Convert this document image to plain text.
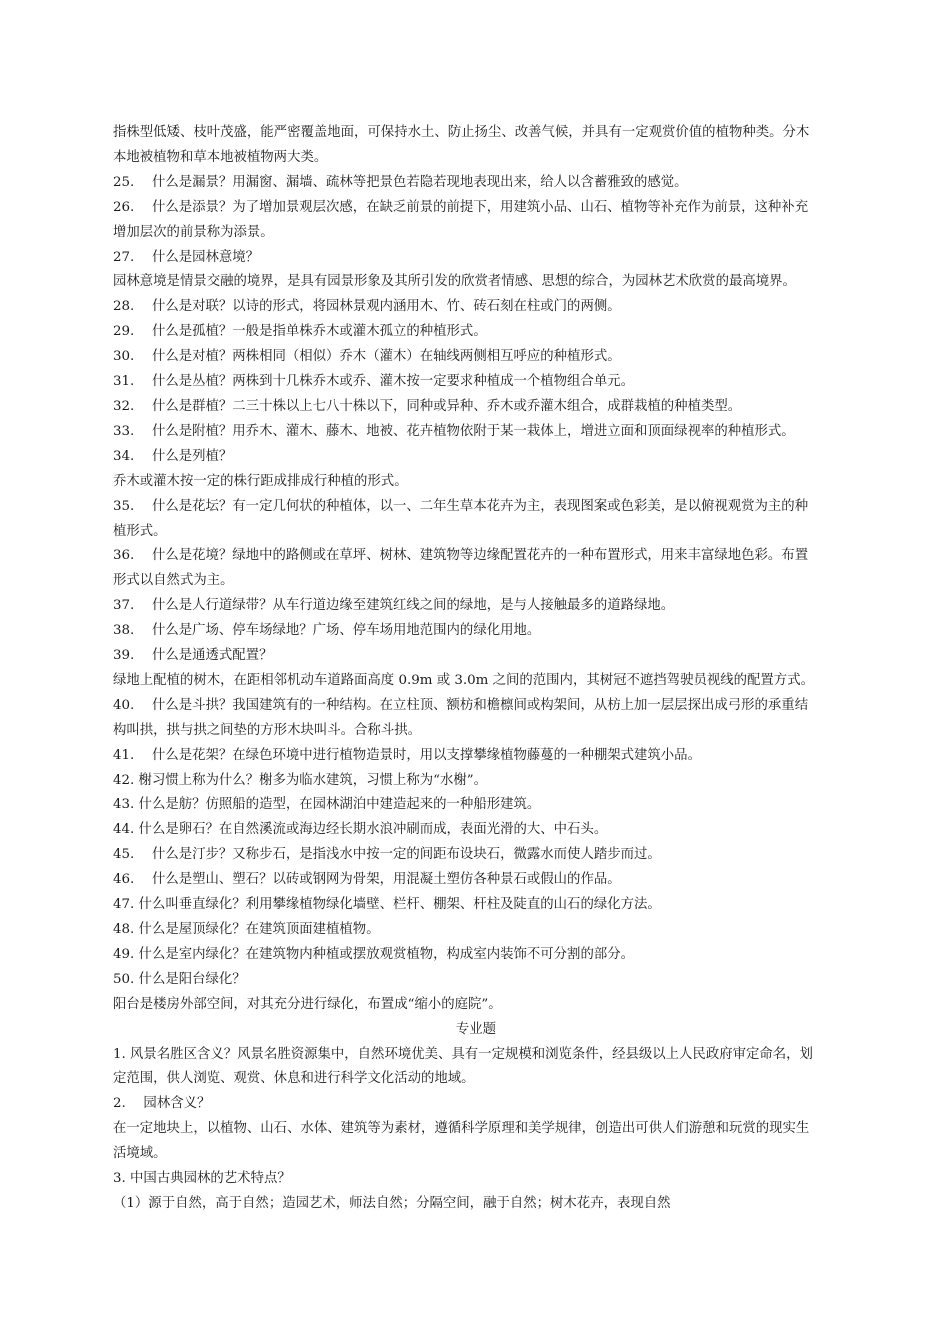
指株型低矮、枝叶茂盛，能严密覆盖地面，可保持水土、防止扬尘、改善气候，并具有一定观赏价值的植物种类。分木
本地被植物和草本地被植物两大类。
25.　 什么是漏景？用漏窗、漏墙、疏林等把景色若隐若现地表现出来，给人以含蓄雅致的感觉。
26.　 什么是添景？为了增加景观层次感，在缺乏前景的前提下，用建筑小品、山石、植物等补充作为前景，这种补充
增加层次的前景称为添景。
27.　 什么是园林意境？
园林意境是情景交融的境界，是具有园景形象及其所引发的欣赏者情感、思想的综合，为园林艺术欣赏的最高境界。
28.　 什么是对联？以诗的形式，将园林景观内涵用木、竹、砖石刻在柱或门的两侧。
29.　 什么是孤植？一般是指单株乔木或灌木孤立的种植形式。
30.　 什么是对植？两株相同（相似）乔木（灌木）在轴线两侧相互呼应的种植形式。
31.　 什么是丛植？两株到十几株乔木或乔、灌木按一定要求种植成一个植物组合单元。
32.　 什么是群植？二三十株以上七八十株以下，同种或异种、乔木或乔灌木组合，成群栽植的种植类型。
33.　 什么是附植？用乔木、灌木、藤木、地被、花卉植物依附于某一栽体上，增进立面和顶面绿视率的种植形式。
34.　 什么是列植？
乔木或灌木按一定的株行距成排成行种植的形式。
35.　 什么是花坛？有一定几何状的种植体，以一、二年生草本花卉为主，表现图案或色彩美，是以俯视观赏为主的种
植形式。
36.　 什么是花境？绿地中的路侧或在草坪、树林、建筑物等边缘配置花卉的一种布置形式，用来丰富绿地色彩。布置
形式以自然式为主。
37.　 什么是人行道绿带？从车行道边缘至建筑红线之间的绿地，是与人接触最多的道路绿地。
38.　 什么是广场、停车场绿地？广场、停车场用地范围内的绿化用地。
39.　 什么是通透式配置？
绿地上配植的树木，在距相邻机动车道路面高度 0.9m 或 3.0m 之间的范围内，其树冠不遮挡驾驶员视线的配置方式。
40.　 什么是斗拱？我国建筑有的一种结构。在立柱顶、额枋和檐檩间或构架间，从枋上加一层层探出成弓形的承重结
构叫拱，拱与拱之间垫的方形木块叫斗。合称斗拱。
41.　 什么是花架？在绿色环境中进行植物造景时，用以支撑攀缘植物藤蔓的一种棚架式建筑小品。
42. 榭习惯上称为什么？榭多为临水建筑，习惯上称为“水榭”。
43. 什么是舫？仿照船的造型，在园林湖泊中建造起来的一种船形建筑。
44. 什么是卵石？在自然溪流或海边经长期水浪冲刷而成，表面光滑的大、中石头。
45.　 什么是汀步？又称步石，是指浅水中按一定的间距布设块石，微露水而使人踏步而过。
46.　 什么是塑山、塑石？以砖或钢网为骨架，用混凝土塑仿各种景石或假山的作品。
47. 什么叫垂直绿化？利用攀缘植物绿化墙壁、栏杆、棚架、杆柱及陡直的山石的绿化方法。
48. 什么是屋顶绿化？在建筑顶面建植植物。
49. 什么是室内绿化？在建筑物内种植或摆放观赏植物，构成室内装饰不可分割的部分。
50. 什么是阳台绿化？
阳台是楼房外部空间，对其充分进行绿化，布置成“缩小的庭院”。
专业题
1. 风景名胜区含义？风景名胜资源集中，自然环境优美、具有一定规模和浏览条件，经县级以上人民政府审定命名，划
定范围，供人浏览、观赏、休息和进行科学文化活动的地域。
2.　 园林含义？
在一定地块上，以植物、山石、水体、建筑等为素材，遵循科学原理和美学规律，创造出可供人们游憩和玩赏的现实生
活境域。
3. 中国古典园林的艺术特点？
（1）源于自然，高于自然；造园艺术，师法自然；分隔空间，融于自然；树木花卉，表现自然
